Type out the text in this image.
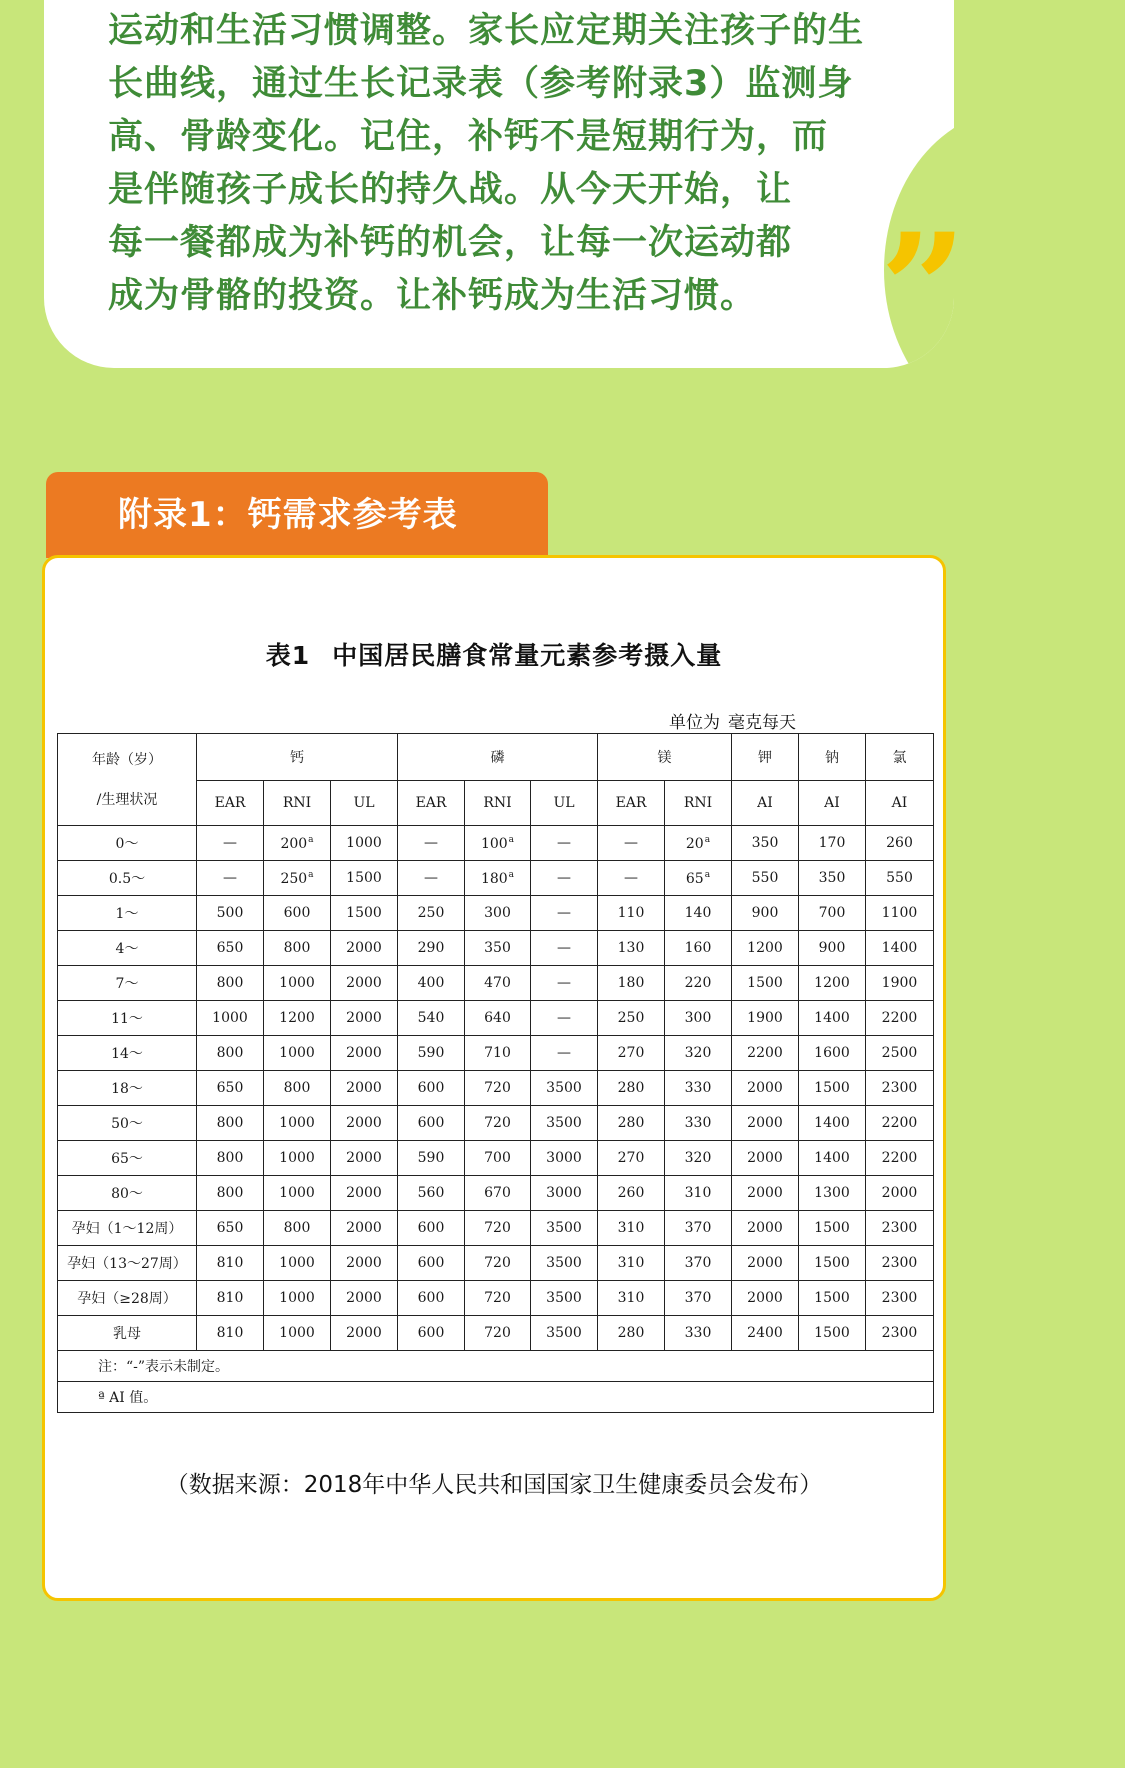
运动和生活习惯调整。家长应定期关注孩子的生
长曲线，通过生长记录表（参考附录3）监测身
高、骨龄变化。记住，补钙不是短期行为，而
是伴随孩子成长的持久战。从今天开始，让
每一餐都成为补钙的机会，让每一次运动都
成为骨骼的投资。让补钙成为生活习惯。 ”
附录1：钙需求参考表
表1 中国居民膳食常量元素参考摄入量
单位为 毫克每天
年龄（岁）
/生理状况	钙			磷			镁		钾	钠	氯
	EAR	RNI	UL	EAR	RNI	UL	EAR	RNI	AI	AI	AI
0～	—	200$^a$	1000	—	100$^a$	—	—	20$^a$	350	170	260
0.5～	—	250$^a$	1500	—	180$^a$	—	—	65$^a$	550	350	550
1～	500	600	1500	250	300	—	110	140	900	700	1100
4～	650	800	2000	290	350	—	130	160	1200	900	1400
7～	800	1000	2000	400	470	—	180	220	1500	1200	1900
11～	1000	1200	2000	540	640	—	250	300	1900	1400	2200
14～	800	1000	2000	590	710	—	270	320	2200	1600	2500
18～	650	800	2000	600	720	3500	280	330	2000	1500	2300
50～	800	1000	2000	600	720	3500	280	330	2000	1400	2200
65～	800	1000	2000	590	700	3000	270	320	2000	1400	2200
80～	800	1000	2000	560	670	3000	260	310	2000	1300	2000
孕妇（1～12周）	650	800	2000	600	720	3500	310	370	2000	1500	2300
孕妇（13～27周）	810	1000	2000	600	720	3500	310	370	2000	1500	2300
孕妇（≥28周）	810	1000	2000	600	720	3500	310	370	2000	1500	2300
乳母	810	1000	2000	600	720	3500	280	330	2400	1500	2300
注：“-”表示未制定。											
ª AI 值。											
（数据来源：2018年中华人民共和国国家卫生健康委员会发布）
